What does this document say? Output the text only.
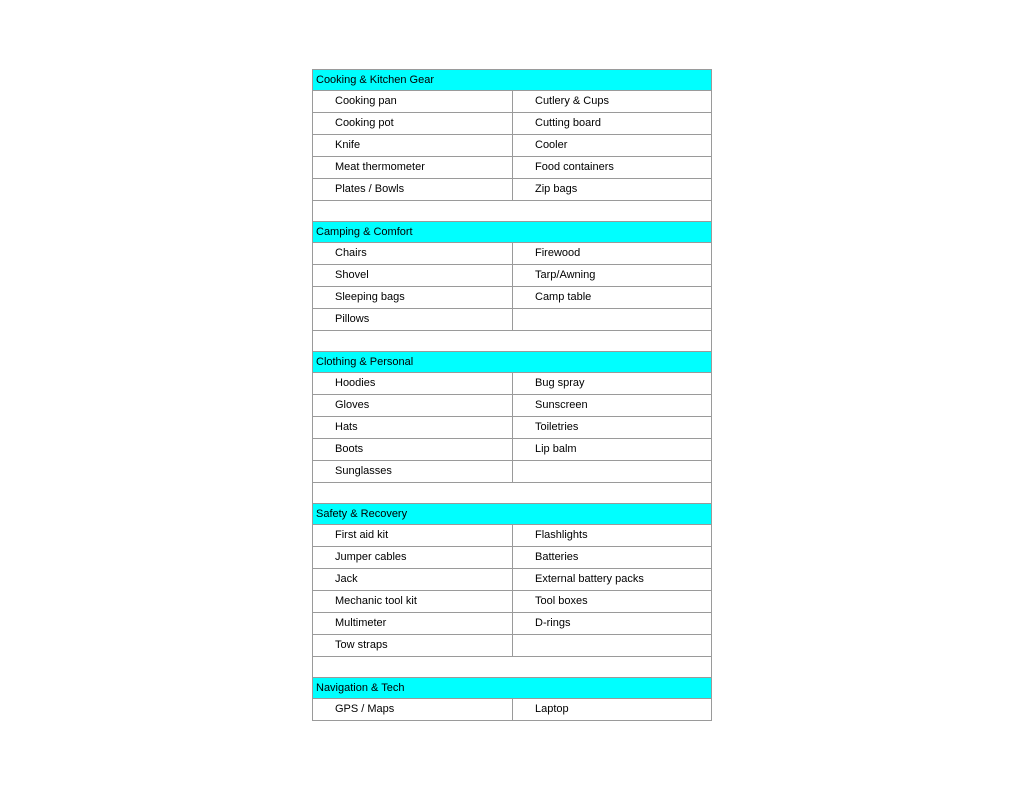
Cooking & Kitchen Gear
Cooking pan	Cutlery & Cups
Cooking pot	Cutting board
Knife	Cooler
Meat thermometer	Food containers
Plates / Bowls	Zip bags
Camping & Comfort
Chairs	Firewood
Shovel	Tarp/Awning
Sleeping bags	Camp table
Pillows
Clothing & Personal
Hoodies	Bug spray
Gloves	Sunscreen
Hats	Toiletries
Boots	Lip balm
Sunglasses
Safety & Recovery
First aid kit	Flashlights
Jumper cables	Batteries
Jack	External battery packs
Mechanic tool kit	Tool boxes
Multimeter	D-rings
Tow straps
Navigation & Tech
GPS / Maps	Laptop
